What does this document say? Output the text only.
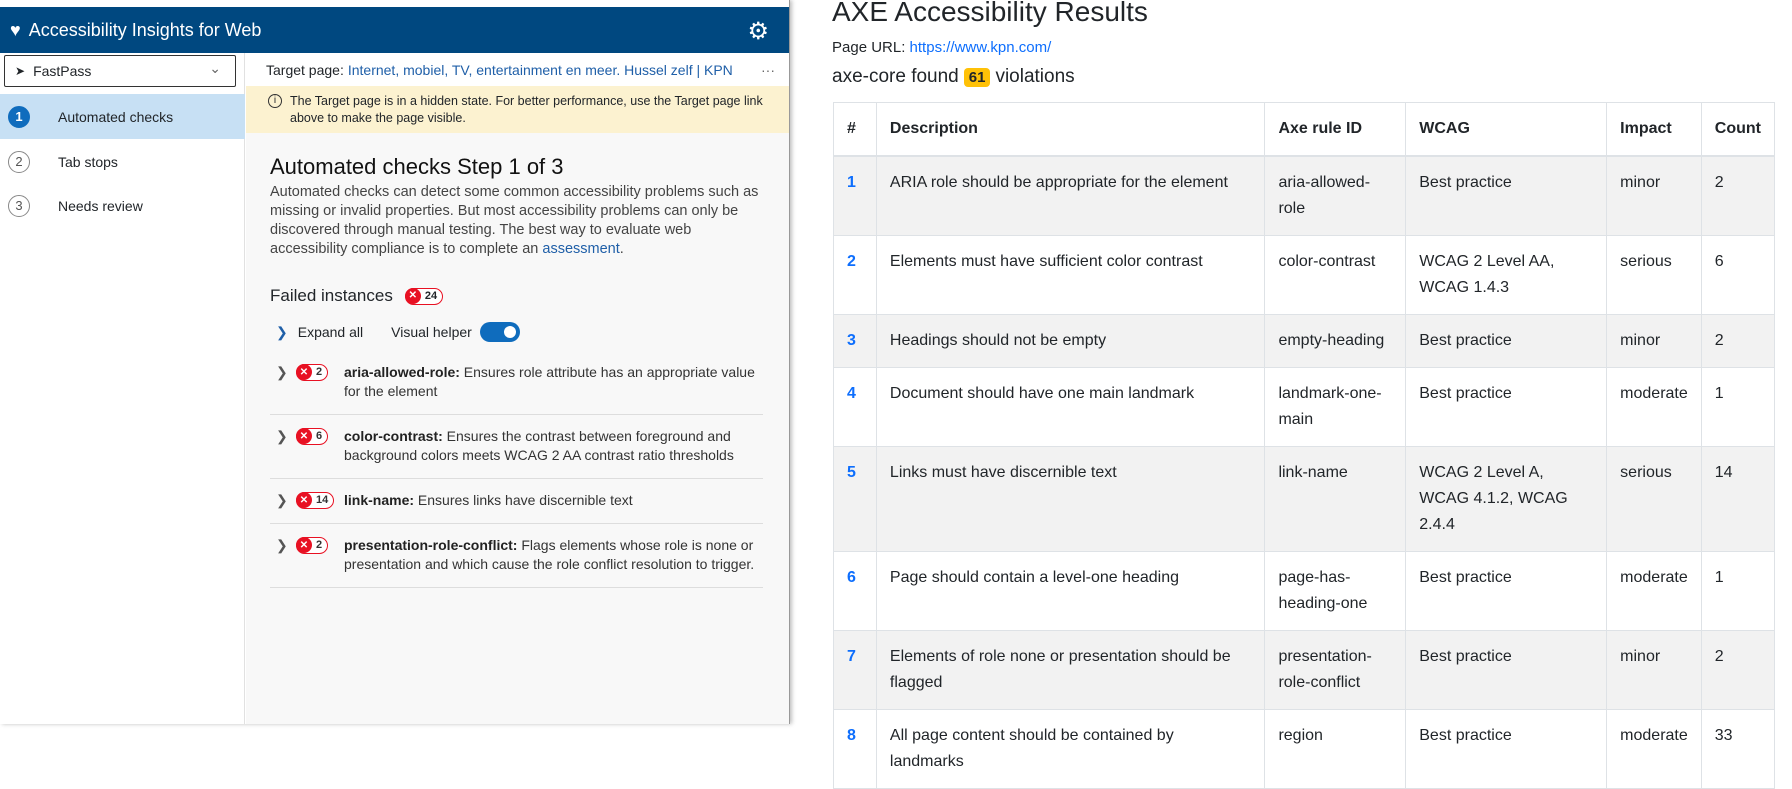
♥ Accessibility Insights for Web	⚙
➤ FastPass	⌄
1	Automated checks
2	Tab stops
3	Needs review
Target page: Internet, mobiel, TV, entertainment en meer. Hussel zelf | KPN ···
i	The Target page is in a hidden state. For better performance, use the Target page link above to make the page visible.
Automated checks Step 1 of 3

Automated checks can detect some common accessibility problems such as missing or invalid properties. But most accessibility problems can only be discovered through manual testing. The best way to evaluate web accessibility compliance is to complete an assessment.

Failed instances	✕ 24
❯ Expand all Visual helper
❯	✕ 2 aria-allowed-role: Ensures role attribute has an appropriate value for the element
❯	✕ 6 color-contrast: Ensures the contrast between foreground and background colors meets WCAG 2 AA contrast ratio thresholds
❯	✕ 14 link-name: Ensures links have discernible text
❯	✕ 2 presentation-role-conflict: Flags elements whose role is none or presentation and which cause the role conflict resolution to trigger.
AXE Accessibility Results
Page URL: https://www.kpn.com/
axe-core found 61 violations
#	Description	Axe rule ID	WCAG	Impact	Count
1	ARIA role should be appropriate for the element	aria-allowed-role	Best practice	minor	2
2	Elements must have sufficient color contrast	color-contrast	WCAG 2 Level AA, WCAG 1.4.3	serious	6
3	Headings should not be empty	empty-heading	Best practice	minor	2
4	Document should have one main landmark	landmark-one-main	Best practice	moderate	1
5	Links must have discernible text	link-name	WCAG 2 Level A, WCAG 4.1.2, WCAG 2.4.4	serious	14
6	Page should contain a level-one heading	page-has-heading-one	Best practice	moderate	1
7	Elements of role none or presentation should be flagged	presentation-role-conflict	Best practice	minor	2
8	All page content should be contained by landmarks	region	Best practice	moderate	33
